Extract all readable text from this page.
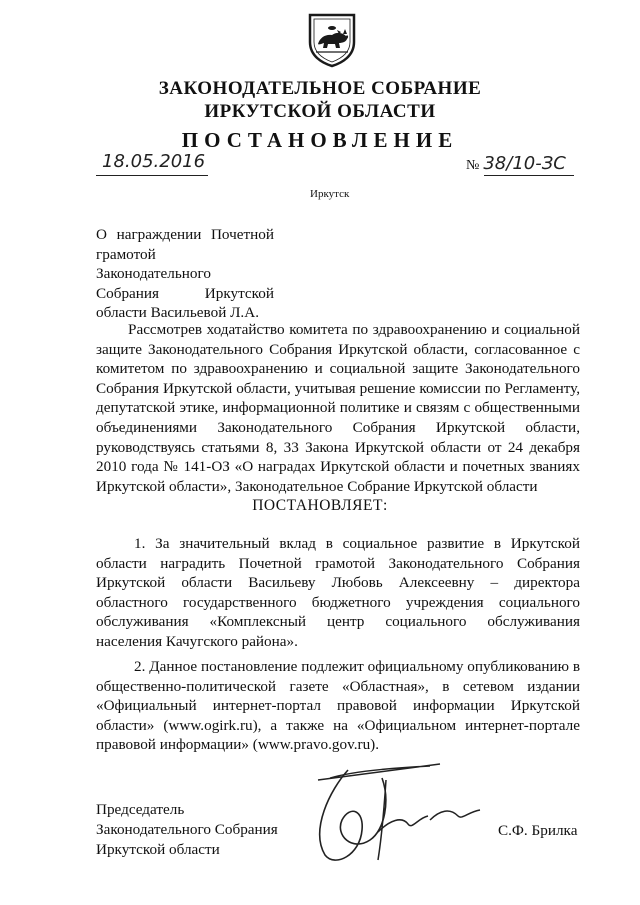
ЗАКОНОДАТЕЛЬНОЕ СОБРАНИЕ
ИРКУТСКОЙ ОБЛАСТИ
ПОСТАНОВЛЕНИЕ
18.05.2016	№ 38/10-ЗС
Иркутск
О награждении Почетной грамотой Законодательного Собрания Иркутской области Васильевой Л.А.
Рассмотрев ходатайство комитета по здравоохранению и социальной защите Законодательного Собрания Иркутской области, согласованное с комитетом по здравоохранению и социальной защите Законодательного Собрания Иркутской области, учитывая решение комиссии по Регламенту, депутатской этике, информационной политике и связям с общественными объединениями Законодательного Собрания Иркутской области, руководствуясь статьями 8, 33 Закона Иркутской области от 24 декабря 2010 года № 141-ОЗ «О наградах Иркутской области и почетных званиях Иркутской области», Законодательное Собрание Иркутской области
ПОСТАНОВЛЯЕТ:
1. За значительный вклад в социальное развитие в Иркутской области наградить Почетной грамотой Законодательного Собрания Иркутской области Васильеву Любовь Алексеевну – директора областного государственного бюджетного учреждения социального обслуживания «Комплексный центр социального обслуживания населения Качугского района».
2. Данное постановление подлежит официальному опубликованию в общественно-политической газете «Областная», в сетевом издании «Официальный интернет-портал правовой информации Иркутской области» (www.ogirk.ru), а также на «Официальном интернет-портале правовой информации» (www.pravo.gov.ru).
Председатель
Законодательного Собрания
Иркутской области
С.Ф. Брилка
